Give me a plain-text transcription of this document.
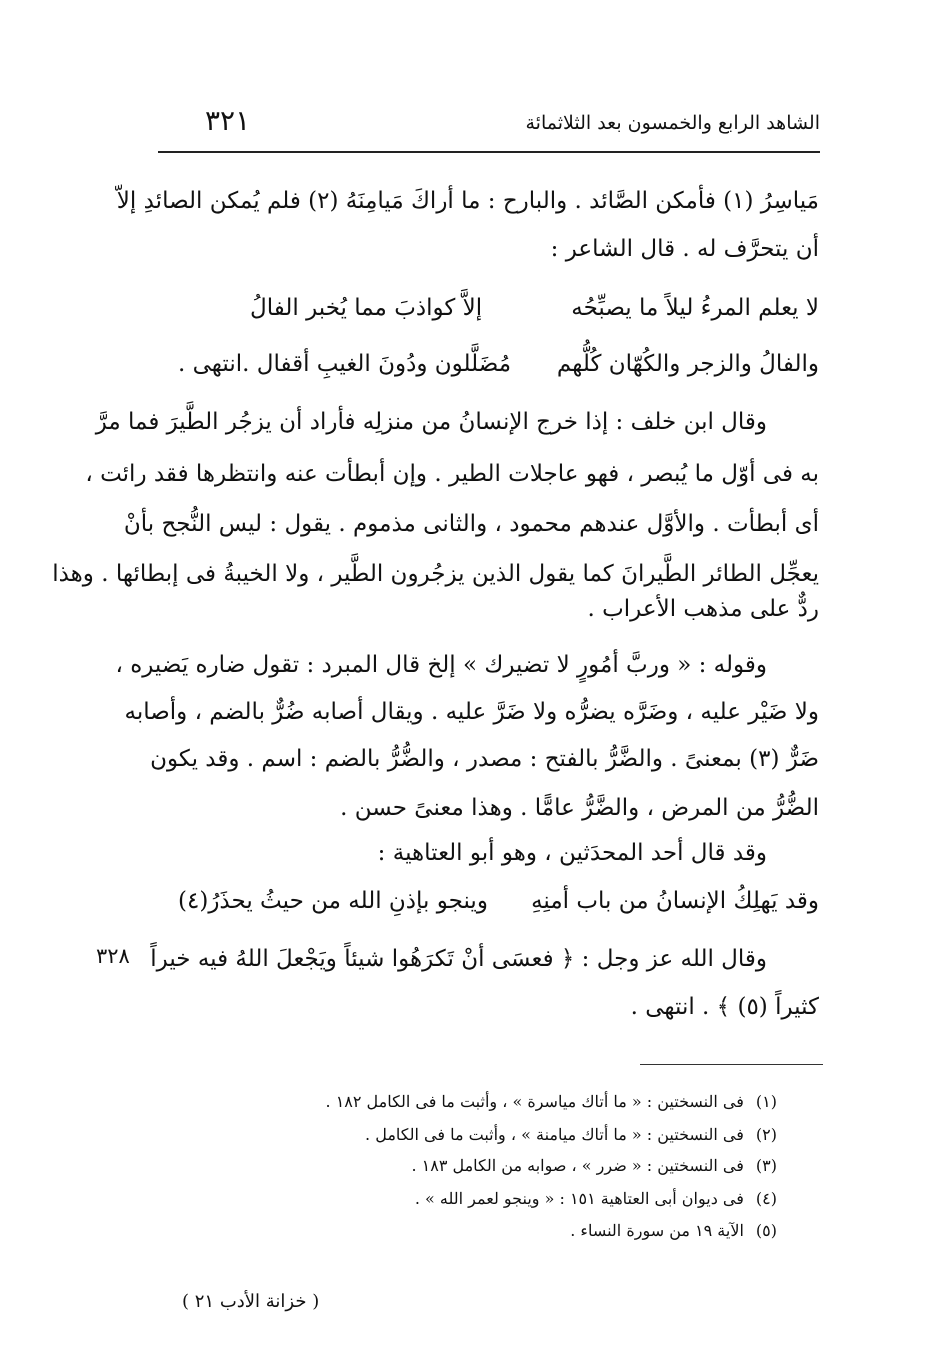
الشاهد الرابع والخمسون بعد الثلاثمائة
٣٢١
مَياسِرُ (١) فأمكن الصَّائد . والبارح : ما أراكَ مَيامِنَهُ (٢) فلم يُمكن الصائدِ إلاّ
أن يتحرَّف له . قال الشاعر :
لا يعلم المرءُ ليلاً ما يصبِّحُه
إلاَّ كواذبَ مما يُخبر الفالُ
والفالُ والزجر والكُهّان كُلُّهم
مُضَلَّلون ودُونَ الغيبِ أقفال .انتهى .
وقال ابن خلف : إذا خرج الإنسانُ من منزلِه فأراد أن يزجُر الطَّيرَ فما مرَّ
به فى أوّل ما يُبصر ، فهو عاجلات الطير . وإن أبطأت عنه وانتظرها فقد رائت ،
أى أبطأت . والأوَّل عندهم محمود ، والثانى مذموم . يقول : ليس النُّجح بأنْ
يعجِّل الطائر الطَّيرانَ كما يقول الذين يزجُرون الطَّير ، ولا الخيبةُ فى إبطائها . وهذا
ردٌّ على مذهب الأعراب .
وقوله : « وربَّ أمُورٍ لا تضيرك » إلخ قال المبرد : تقول ضاره يَضيره ،
ولا ضَيْر عليه ، وضَرَّه يضرُّه ولا ضَرَّ عليه . ويقال أصابه ضُرٌّ بالضم ، وأصابه
ضَرٌّ (٣) بمعنىً . والضَّرُّ بالفتح : مصدر ، والضُّرُّ بالضم : اسم . وقد يكون
الضُّرُّ من المرض ، والضَّرُّ عامًّا . وهذا معنىً حسن .
وقد قال أحد المحدَثين ، وهو أبو العتاهية :
وقد يَهلِكُ الإنسانُ من باب أمنِهِ
وينجو بإذنِ الله من حيثُ يحذَرُ(٤)
وقال الله عز وجل : ﴿ فعسَى أنْ تَكرَهُوا شيئاً ويَجْعلَ اللهُ فيه خيراً
كثيراً (٥) ﴾ . انتهى .
٣٢٨
(١)فى النسختين : « ما أتاك مياسرة » ، وأثبت ما فى الكامل ١٨٢ .
(٢)فى النسختين : « ما أتاك ميامنة » ، وأثبت ما فى الكامل .
(٣)فى النسختين : « ضرر » ، صوابه من الكامل ١٨٣ .
(٤)فى ديوان أبى العتاهية ١٥١ : « وينجو لعمر الله » .
(٥)الآية ١٩ من سورة النساء .
( خزانة الأدب ٢١ )
